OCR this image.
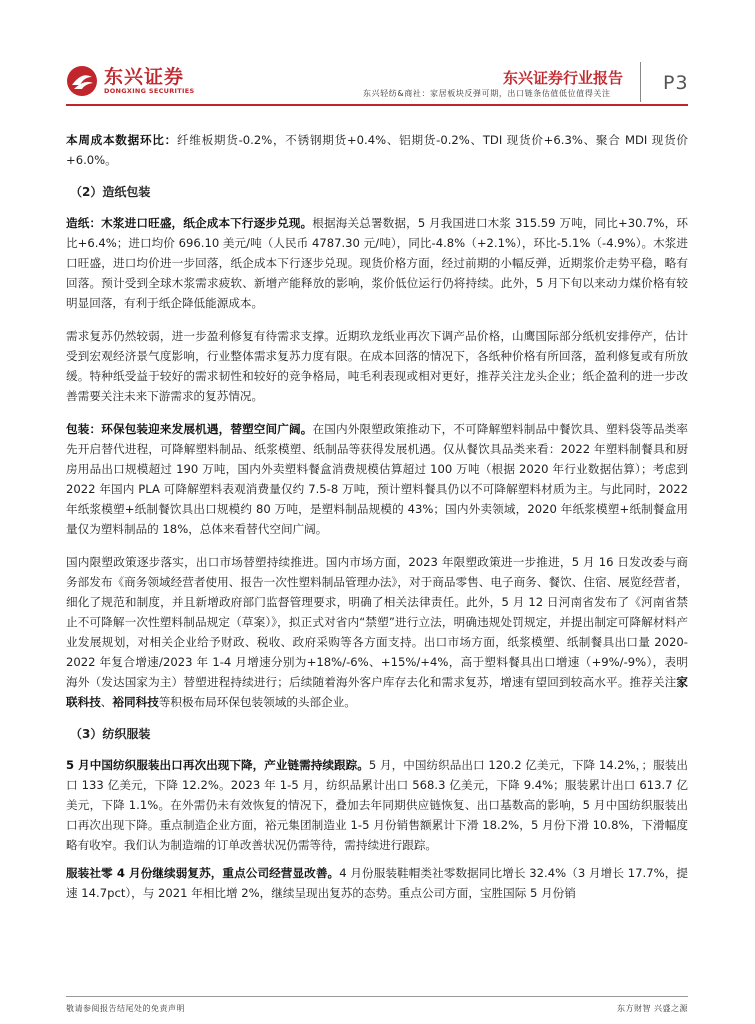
东兴证券
DONGXING SECURITIES
东兴证券行业报告
东兴轻纺&商社：家居板块反弹可期，出口链条估值低位值得关注	P3

本周成本数据环比：纤维板期货-0.2%，不锈钢期货+0.4%、铝期货-0.2%、TDI 现货价+6.3%、聚合 MDI 现货价+6.0%。

（2）造纸包装

造纸：木浆进口旺盛，纸企成本下行逐步兑现。根据海关总署数据，5 月我国进口木浆 315.59 万吨，同比+30.7%，环比+6.4%；进口均价 696.10 美元/吨（人民币 4787.30 元/吨），同比-4.8%（+2.1%），环比-5.1%（-4.9%）。木浆进口旺盛，进口均价进一步回落，纸企成本下行逐步兑现。现货价格方面，经过前期的小幅反弹，近期浆价走势平稳，略有回落。预计受到全球木浆需求疲软、新增产能释放的影响，浆价低位运行仍将持续。此外，5 月下旬以来动力煤价格有较明显回落，有利于纸企降低能源成本。

需求复苏仍然较弱，进一步盈利修复有待需求支撑。近期玖龙纸业再次下调产品价格，山鹰国际部分纸机安排停产，估计受到宏观经济景气度影响，行业整体需求复苏力度有限。在成本回落的情况下，各纸种价格有所回落，盈利修复或有所放缓。特种纸受益于较好的需求韧性和较好的竞争格局，吨毛利表现或相对更好，推荐关注龙头企业；纸企盈利的进一步改善需要关注未来下游需求的复苏情况。

包装：环保包装迎来发展机遇，替塑空间广阔。在国内外限塑政策推动下，不可降解塑料制品中餐饮具、塑料袋等品类率先开启替代进程，可降解塑料制品、纸浆模塑、纸制品等获得发展机遇。仅从餐饮具品类来看：2022 年塑料制餐具和厨房用品出口规模超过 190 万吨，国内外卖塑料餐盒消费规模估算超过 100 万吨（根据 2020 年行业数据估算）；考虑到 2022 年国内 PLA 可降解塑料表观消费量仅约 7.5-8 万吨，预计塑料餐具仍以不可降解塑料材质为主。与此同时，2022 年纸浆模塑+纸制餐饮具出口规模约 80 万吨，是塑料制品规模的 43%；国内外卖领域，2020 年纸浆模塑+纸制餐盒用量仅为塑料制品的 18%，总体来看替代空间广阔。

国内限塑政策逐步落实，出口市场替塑持续推进。国内市场方面，2023 年限塑政策进一步推进，5 月 16 日发改委与商务部发布《商务领域经营者使用、报告一次性塑料制品管理办法》，对于商品零售、电子商务、餐饮、住宿、展览经营者，细化了规范和制度，并且新增政府部门监督管理要求，明确了相关法律责任。此外，5 月 12 日河南省发布了《河南省禁止不可降解一次性塑料制品规定（草案）》，拟正式对省内“禁塑”进行立法，明确违规处罚规定，并提出制定可降解材料产业发展规划，对相关企业给予财政、税收、政府采购等各方面支持。出口市场方面，纸浆模塑、纸制餐具出口量 2020-2022 年复合增速/2023 年 1-4 月增速分别为+18%/-6%、+15%/+4%，高于塑料餐具出口增速（+9%/-9%），表明海外（发达国家为主）替塑进程持续进行；后续随着海外客户库存去化和需求复苏，增速有望回到较高水平。推荐关注家联科技、裕同科技等积极布局环保包装领域的头部企业。

（3）纺织服装

5 月中国纺织服装出口再次出现下降，产业链需持续跟踪。5 月，中国纺织品出口 120.2 亿美元，下降 14.2%，；服装出口 133 亿美元，下降 12.2%。2023 年 1-5 月，纺织品累计出口 568.3 亿美元，下降 9.4%；服装累计出口 613.7 亿美元，下降 1.1%。在外需仍未有效恢复的情况下，叠加去年同期供应链恢复、出口基数高的影响，5 月中国纺织服装出口再次出现下降。重点制造企业方面，裕元集团制造业 1-5 月份销售额累计下滑 18.2%，5 月份下滑 10.8%，下滑幅度略有收窄。我们认为制造端的订单改善状况仍需等待，需持续进行跟踪。

服装社零 4 月份继续弱复苏，重点公司经营显改善。4 月份服装鞋帽类社零数据同比增长 32.4%（3 月增长 17.7%，提速 14.7pct），与 2021 年相比增 2%，继续呈现出复苏的态势。重点公司方面，宝胜国际 5 月份销

敬请参阅报告结尾处的免责声明	东方财智 兴盛之源
